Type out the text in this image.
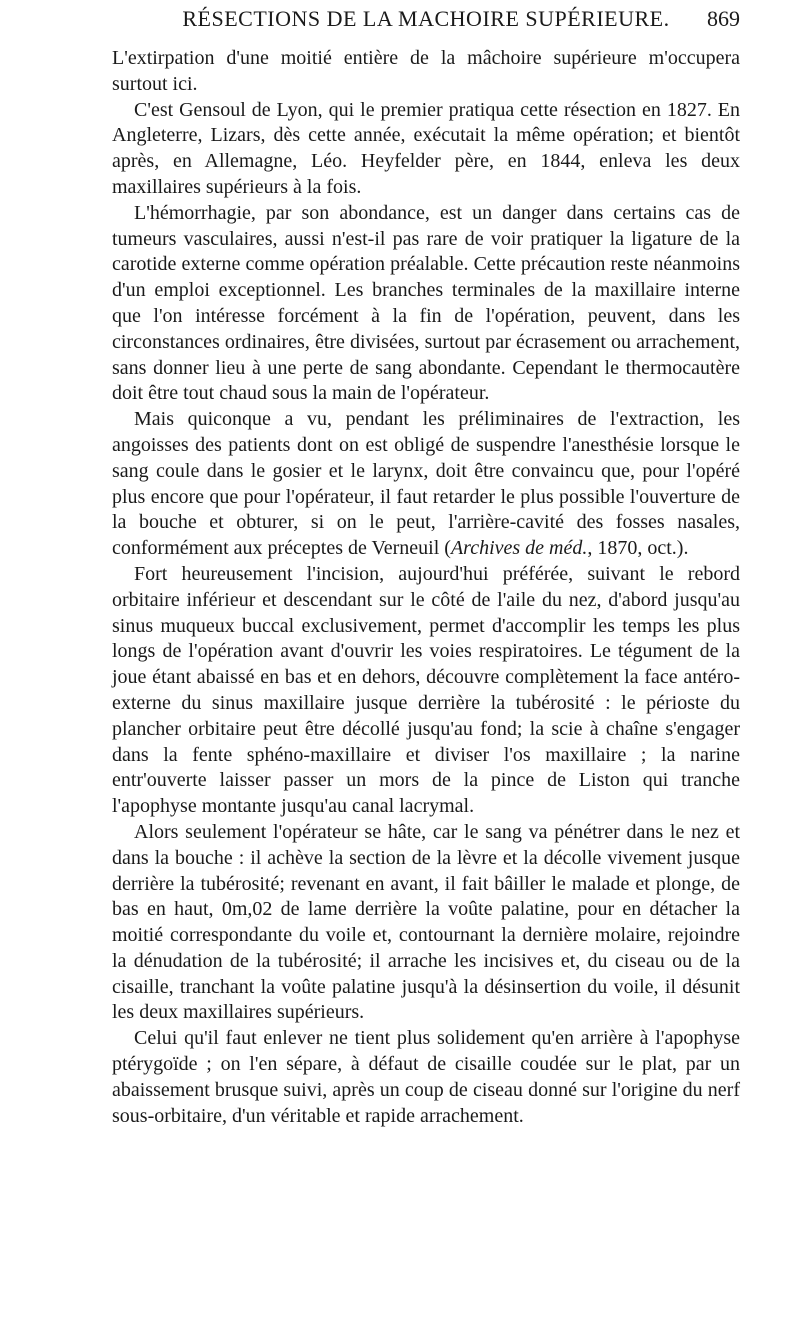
RÉSECTIONS DE LA MACHOIRE SUPÉRIEURE.	869

L'extirpation d'une moitié entière de la mâchoire supérieure m'occupera surtout ici.

C'est Gensoul de Lyon, qui le premier pratiqua cette résection en 1827. En Angleterre, Lizars, dès cette année, exécutait la même opération; et bientôt après, en Allemagne, Léo. Heyfelder père, en 1844, enleva les deux maxillaires supérieurs à la fois.

L'hémorrhagie, par son abondance, est un danger dans certains cas de tumeurs vasculaires, aussi n'est-il pas rare de voir pratiquer la ligature de la carotide externe comme opération préalable. Cette précaution reste néanmoins d'un emploi exceptionnel. Les branches terminales de la maxillaire interne que l'on intéresse forcément à la fin de l'opération, peuvent, dans les circonstances ordinaires, être divisées, surtout par écrasement ou arrachement, sans donner lieu à une perte de sang abondante. Cependant le thermocautère doit être tout chaud sous la main de l'opérateur.

Mais quiconque a vu, pendant les préliminaires de l'extraction, les angoisses des patients dont on est obligé de suspendre l'anesthésie lorsque le sang coule dans le gosier et le larynx, doit être convaincu que, pour l'opéré plus encore que pour l'opérateur, il faut retarder le plus possible l'ouverture de la bouche et obturer, si on le peut, l'arrière-cavité des fosses nasales, conformément aux préceptes de Verneuil (Archives de méd., 1870, oct.).

Fort heureusement l'incision, aujourd'hui préférée, suivant le rebord orbitaire inférieur et descendant sur le côté de l'aile du nez, d'abord jusqu'au sinus muqueux buccal exclusivement, permet d'accomplir les temps les plus longs de l'opération avant d'ouvrir les voies respiratoires. Le tégument de la joue étant abaissé en bas et en dehors, découvre complètement la face antéro-externe du sinus maxillaire jusque derrière la tubérosité : le périoste du plancher orbitaire peut être décollé jusqu'au fond; la scie à chaîne s'engager dans la fente sphéno-maxillaire et diviser l'os maxillaire ; la narine entr'ouverte laisser passer un mors de la pince de Liston qui tranche l'apophyse montante jusqu'au canal lacrymal.

Alors seulement l'opérateur se hâte, car le sang va pénétrer dans le nez et dans la bouche : il achève la section de la lèvre et la décolle vivement jusque derrière la tubérosité; revenant en avant, il fait bâiller le malade et plonge, de bas en haut, 0m,02 de lame derrière la voûte palatine, pour en détacher la moitié correspondante du voile et, contournant la dernière molaire, rejoindre la dénudation de la tubérosité; il arrache les incisives et, du ciseau ou de la cisaille, tranchant la voûte palatine jusqu'à la désinsertion du voile, il désunit les deux maxillaires supérieurs.

Celui qu'il faut enlever ne tient plus solidement qu'en arrière à l'apophyse ptérygoïde ; on l'en sépare, à défaut de cisaille coudée sur le plat, par un abaissement brusque suivi, après un coup de ciseau donné sur l'origine du nerf sous-orbitaire, d'un véritable et rapide arrachement.
